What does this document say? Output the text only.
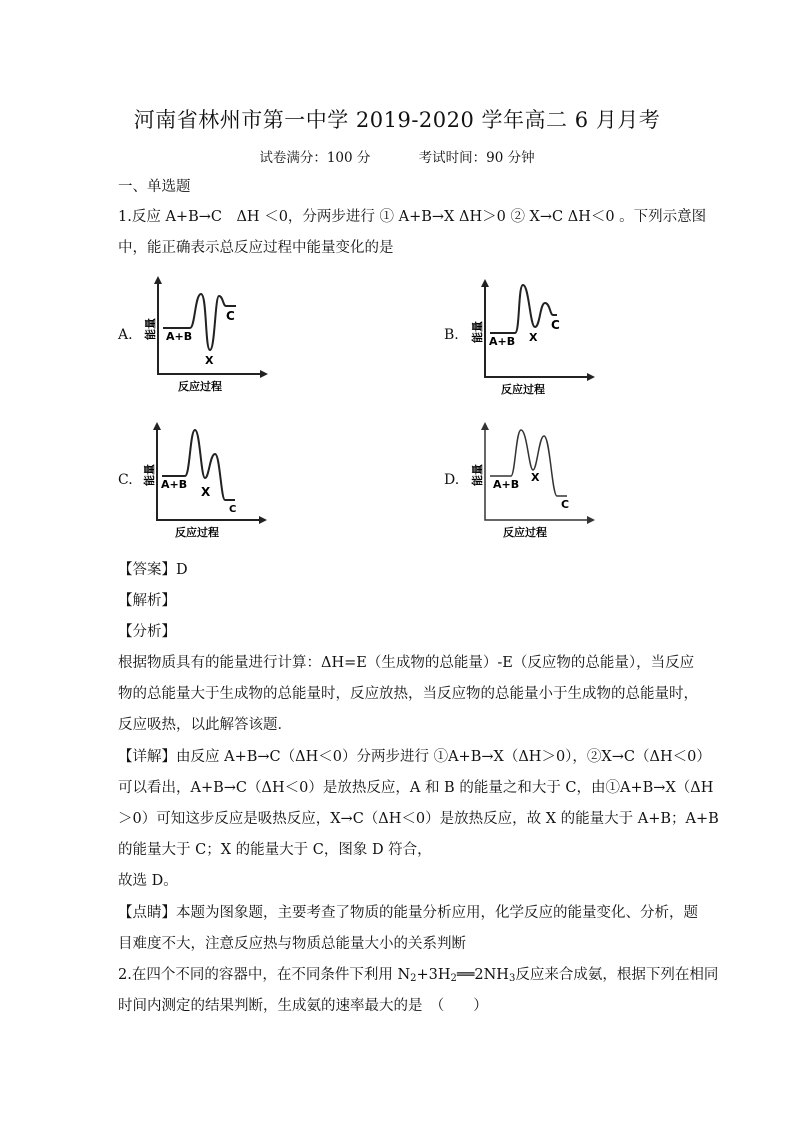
河南省林州市第一中学 2019-2020 学年高二 6 月月考
试卷满分：100 分	考试时间：90 分钟
一、单选题
1.反应 A+B→C　ΔH ＜0，分两步进行 ① A+B→X ΔH＞0 ② X→C ΔH＜0 。下列示意图
中，能正确表示总反应过程中能量变化的是
A. 能量 A+B
X
C
反应过程
B. 能量 A+B X
C
反应过程
C. 能量 A+B
X
C
反应过程
D. 能量 A+B
X
C
反应过程
【答案】D
【解析】
【分析】
根据物质具有的能量进行计算：ΔH=E（生成物的总能量）-E（反应物的总能量），当反应
物的总能量大于生成物的总能量时，反应放热，当反应物的总能量小于生成物的总能量时，
反应吸热，以此解答该题．
【详解】由反应 A+B→C（ΔH＜0）分两步进行 ①A+B→X（ΔH＞0），②X→C（ΔH＜0）
可以看出，A+B→C（ΔH＜0）是放热反应，A 和 B 的能量之和大于 C，由①A+B→X（ΔH
＞0）可知这步反应是吸热反应，X→C（ΔH＜0）是放热反应，故 X 的能量大于 A+B；A+B
的能量大于 C；X 的能量大于 C，图象 D 符合，
故选 D。
【点睛】本题为图象题，主要考查了物质的能量分析应用，化学反应的能量变化、分析，题
目难度不大，注意反应热与物质总能量大小的关系判断
2.在四个不同的容器中，在不同条件下利用 $N_2+3H_2══2NH_3$反应来合成氨，根据下列在相同
时间内测定的结果判断，生成氨的速率最大的是　（　　）
